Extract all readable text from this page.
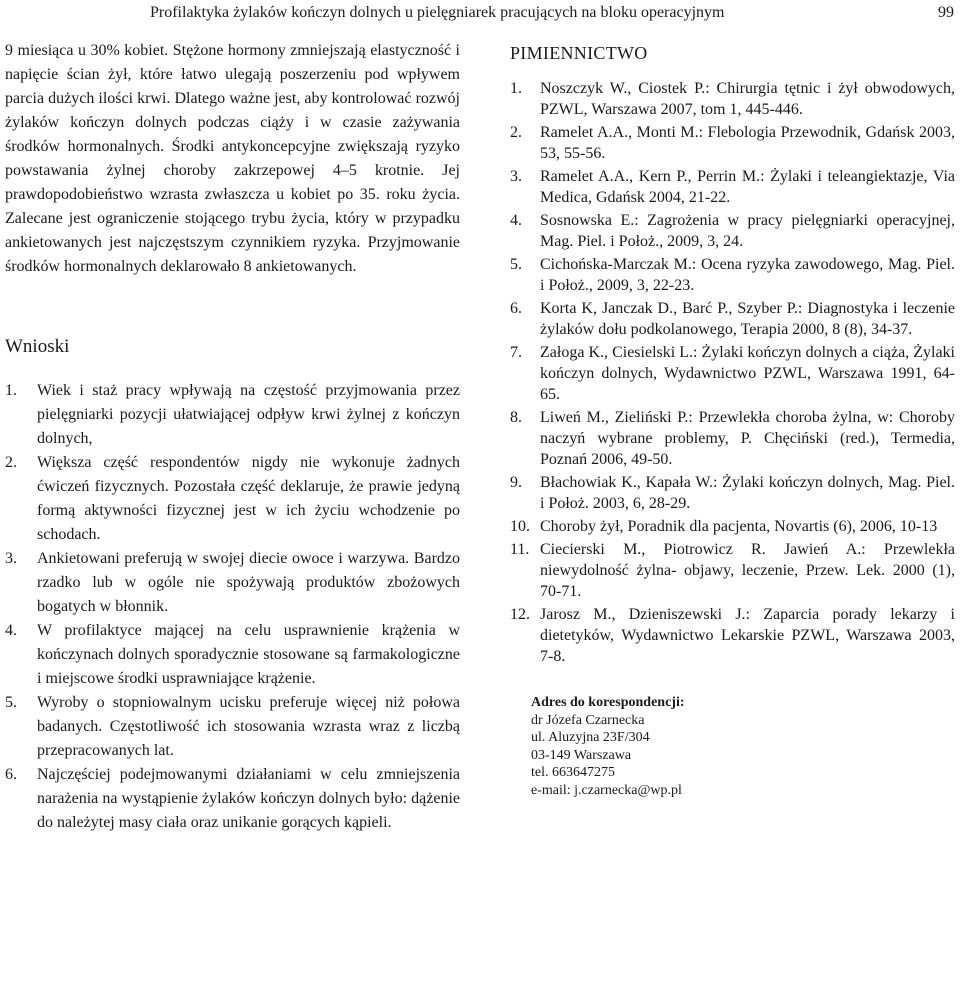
Profilaktyka żylaków kończyn dolnych u pielęgniarek pracujących na bloku operacyjnym	99

9 miesiąca u 30% kobiet. Stężone hormony zmniejszają elastyczność i napięcie ścian żył, które łatwo ulegają poszerzeniu pod wpływem parcia dużych ilości krwi. Dlatego ważne jest, aby kontrolować rozwój żylaków kończyn dolnych podczas ciąży i w czasie zażywania środków hormonalnych. Środki antykoncepcyjne zwiększają ryzyko powstawania żylnej choroby zakrzepowej 4–5 krotnie. Jej prawdopodobieństwo wzrasta zwłaszcza u kobiet po 35. roku życia. Zalecane jest ograniczenie stojącego trybu życia, który w przypadku ankietowanych jest najczęstszym czynnikiem ryzyka. Przyjmowanie środków hormonalnych deklarowało 8 ankietowanych.

Wnioski
1.	Wiek i staż pracy wpływają na częstość przyjmowania przez pielęgniarki pozycji ułatwiającej odpływ krwi żylnej z kończyn dolnych,
2.	Większa część respondentów nigdy nie wykonuje żadnych ćwiczeń fizycznych. Pozostała część deklaruje, że prawie jedyną formą aktywności fizycznej jest w ich życiu wchodzenie po schodach.
3.	Ankietowani preferują w swojej diecie owoce i warzywa. Bardzo rzadko lub w ogóle nie spożywają produktów zbożowych bogatych w błonnik.
4.	W profilaktyce mającej na celu usprawnienie krążenia w kończynach dolnych sporadycznie stosowane są farmakologiczne i miejscowe środki usprawniające krążenie.
5.	Wyroby o stopniowalnym ucisku preferuje więcej niż połowa badanych. Częstotliwość ich stosowania wzrasta wraz z liczbą przepracowanych lat.
6.	Najczęściej podejmowanymi działaniami w celu zmniejszenia narażenia na wystąpienie żylaków kończyn dolnych było: dążenie do należytej masy ciała oraz unikanie gorących kąpieli.
PIMIENNICTWO
1.	Noszczyk W., Ciostek P.: Chirurgia tętnic i żył obwodowych, PZWL, Warszawa 2007, tom 1, 445-446.
2.	Ramelet A.A., Monti M.: Flebologia Przewodnik, Gdańsk 2003, 53, 55-56.
3.	Ramelet A.A., Kern P., Perrin M.: Żylaki i teleangiektazje, Via Medica, Gdańsk 2004, 21-22.
4.	Sosnowska E.: Zagrożenia w pracy pielęgniarki operacyjnej, Mag. Piel. i Położ., 2009, 3, 24.
5.	Cichońska-Marczak M.: Ocena ryzyka zawodowego, Mag. Piel. i Położ., 2009, 3, 22-23.
6.	Korta K, Janczak D., Barć P., Szyber P.: Diagnostyka i leczenie żylaków dołu podkolanowego, Terapia 2000, 8 (8), 34-37.
7.	Załoga K., Ciesielski L.: Żylaki kończyn dolnych a ciąża, Żylaki kończyn dolnych, Wydawnictwo PZWL, Warszawa 1991, 64-65.
8.	Liweń M., Zieliński P.: Przewlekła choroba żylna, w: Choroby naczyń wybrane problemy, P. Chęciński (red.), Termedia, Poznań 2006, 49-50.
9.	Błachowiak K., Kapała W.: Żylaki kończyn dolnych, Mag. Piel. i Położ. 2003, 6, 28-29.
10. Choroby żył, Poradnik dla pacjenta, Novartis (6), 2006, 10-13
11. Ciecierski M., Piotrowicz R. Jawień A.: Przewlekła niewydolność żylna- objawy, leczenie, Przew. Lek. 2000 (1), 70-71.
12. Jarosz M., Dzieniszewski J.: Zaparcia porady lekarzy i dietetyków, Wydawnictwo Lekarskie PZWL, Warszawa 2003, 7-8.
Adres do korespondencji:
dr Józefa Czarnecka
ul. Aluzyjna 23F/304
03-149 Warszawa
tel. 663647275
e-mail: j.czarnecka@wp.pl
